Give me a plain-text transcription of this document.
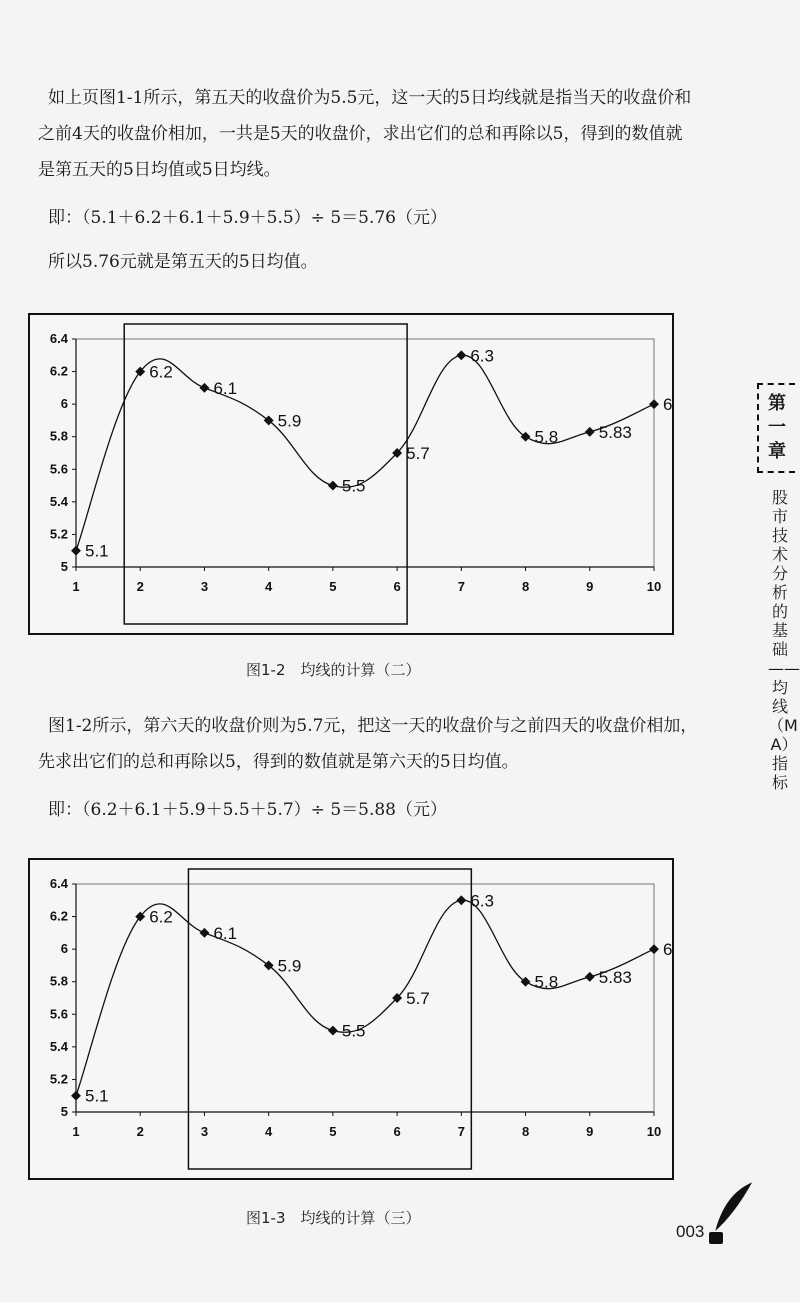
如上页图1-1所示，第五天的收盘价为5.5元，这一天的5日均线就是指当天的收盘价和之前4天的收盘价相加，一共是5天的收盘价，求出它们的总和再除以5，得到的数值就是第五天的5日均值或5日均线。

即：（5.1＋6.2＋6.1＋5.9＋5.5）÷ 5＝5.76（元）

所以5.76元就是第五天的5日均值。

5
5.2
5.4
5.6
5.8
6
6.2
6.4
1	2	3	4	5	6	7	8	9	10
5.1
6.2
6.1
5.9
5.5
5.7
6.3
5.8 5.83
6
图1-2　均线的计算（二）

图1-2所示，第六天的收盘价则为5.7元，把这一天的收盘价与之前四天的收盘价相加，先求出它们的总和再除以5，得到的数值就是第六天的5日均值。

即：（6.2＋6.1＋5.9＋5.5＋5.7）÷ 5＝5.88（元）

5
5.2
5.4
5.6
5.8
6
6.2
6.4
1	2	3	4	5	6	7	8	9	10
5.1
6.2
6.1
5.9
5.5
5.7
6.3
5.8 5.83
6
图1-3　均线的计算（三）
第
一
章
股市技术分析的基础——均线（MA）指标
003
